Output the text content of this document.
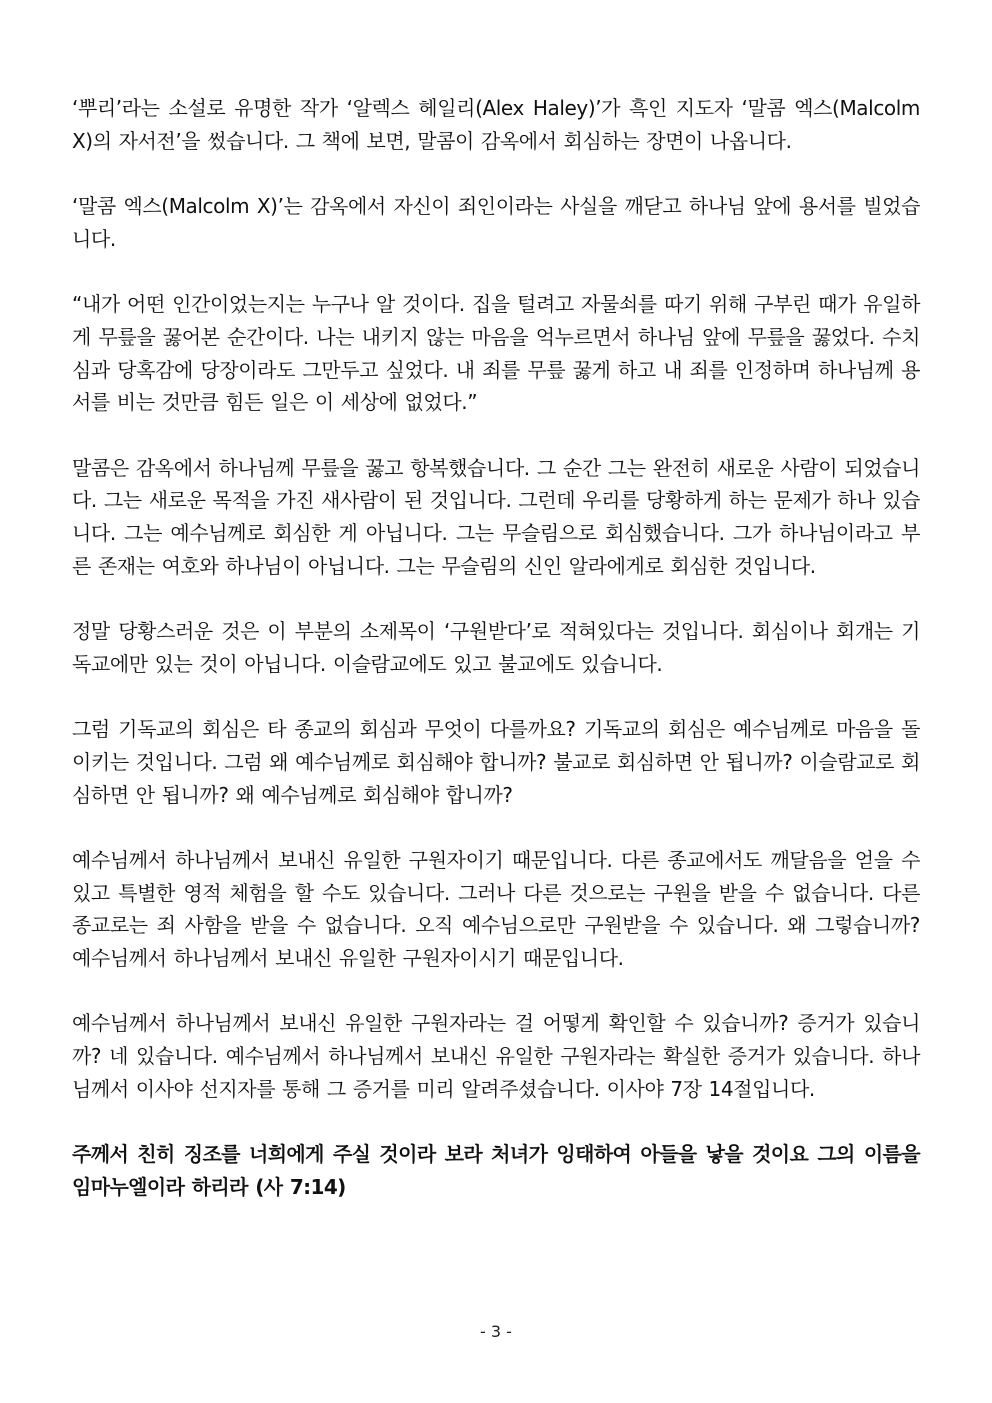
‘뿌리’라는 소설로 유명한 작가 ‘알렉스 헤일리(Alex Haley)’가 흑인 지도자 ‘말콤 엑스(Malcolm X)의 자서전’을 썼습니다. 그 책에 보면, 말콤이 감옥에서 회심하는 장면이 나옵니다.

‘말콤 엑스(Malcolm X)’는 감옥에서 자신이 죄인이라는 사실을 깨닫고 하나님 앞에 용서를 빌었습니다.

“내가 어떤 인간이었는지는 누구나 알 것이다. 집을 털려고 자물쇠를 따기 위해 구부린 때가 유일하게 무릎을 꿇어본 순간이다. 나는 내키지 않는 마음을 억누르면서 하나님 앞에 무릎을 꿇었다. 수치심과 당혹감에 당장이라도 그만두고 싶었다. 내 죄를 무릎 꿇게 하고 내 죄를 인정하며 하나님께 용서를 비는 것만큼 힘든 일은 이 세상에 없었다.”

말콤은 감옥에서 하나님께 무릎을 꿇고 항복했습니다. 그 순간 그는 완전히 새로운 사람이 되었습니다. 그는 새로운 목적을 가진 새사람이 된 것입니다. 그런데 우리를 당황하게 하는 문제가 하나 있습니다. 그는 예수님께로 회심한 게 아닙니다. 그는 무슬림으로 회심했습니다. 그가 하나님이라고 부른 존재는 여호와 하나님이 아닙니다. 그는 무슬림의 신인 알라에게로 회심한 것입니다.

정말 당황스러운 것은 이 부분의 소제목이 ‘구원받다’로 적혀있다는 것입니다. 회심이나 회개는 기독교에만 있는 것이 아닙니다. 이슬람교에도 있고 불교에도 있습니다.

그럼 기독교의 회심은 타 종교의 회심과 무엇이 다를까요? 기독교의 회심은 예수님께로 마음을 돌이키는 것입니다. 그럼 왜 예수님께로 회심해야 합니까? 불교로 회심하면 안 됩니까? 이슬람교로 회심하면 안 됩니까? 왜 예수님께로 회심해야 합니까?

예수님께서 하나님께서 보내신 유일한 구원자이기 때문입니다. 다른 종교에서도 깨달음을 얻을 수 있고 특별한 영적 체험을 할 수도 있습니다. 그러나 다른 것으로는 구원을 받을 수 없습니다. 다른 종교로는 죄 사함을 받을 수 없습니다. 오직 예수님으로만 구원받을 수 있습니다. 왜 그렇습니까? 예수님께서 하나님께서 보내신 유일한 구원자이시기 때문입니다.

예수님께서 하나님께서 보내신 유일한 구원자라는 걸 어떻게 확인할 수 있습니까? 증거가 있습니까? 네 있습니다. 예수님께서 하나님께서 보내신 유일한 구원자라는 확실한 증거가 있습니다. 하나님께서 이사야 선지자를 통해 그 증거를 미리 알려주셨습니다. 이사야 7장 14절입니다.

주께서 친히 징조를 너희에게 주실 것이라 보라 처녀가 잉태하여 아들을 낳을 것이요 그의 이름을 임마누엘이라 하리라 (사 7:14)

- 3 -
